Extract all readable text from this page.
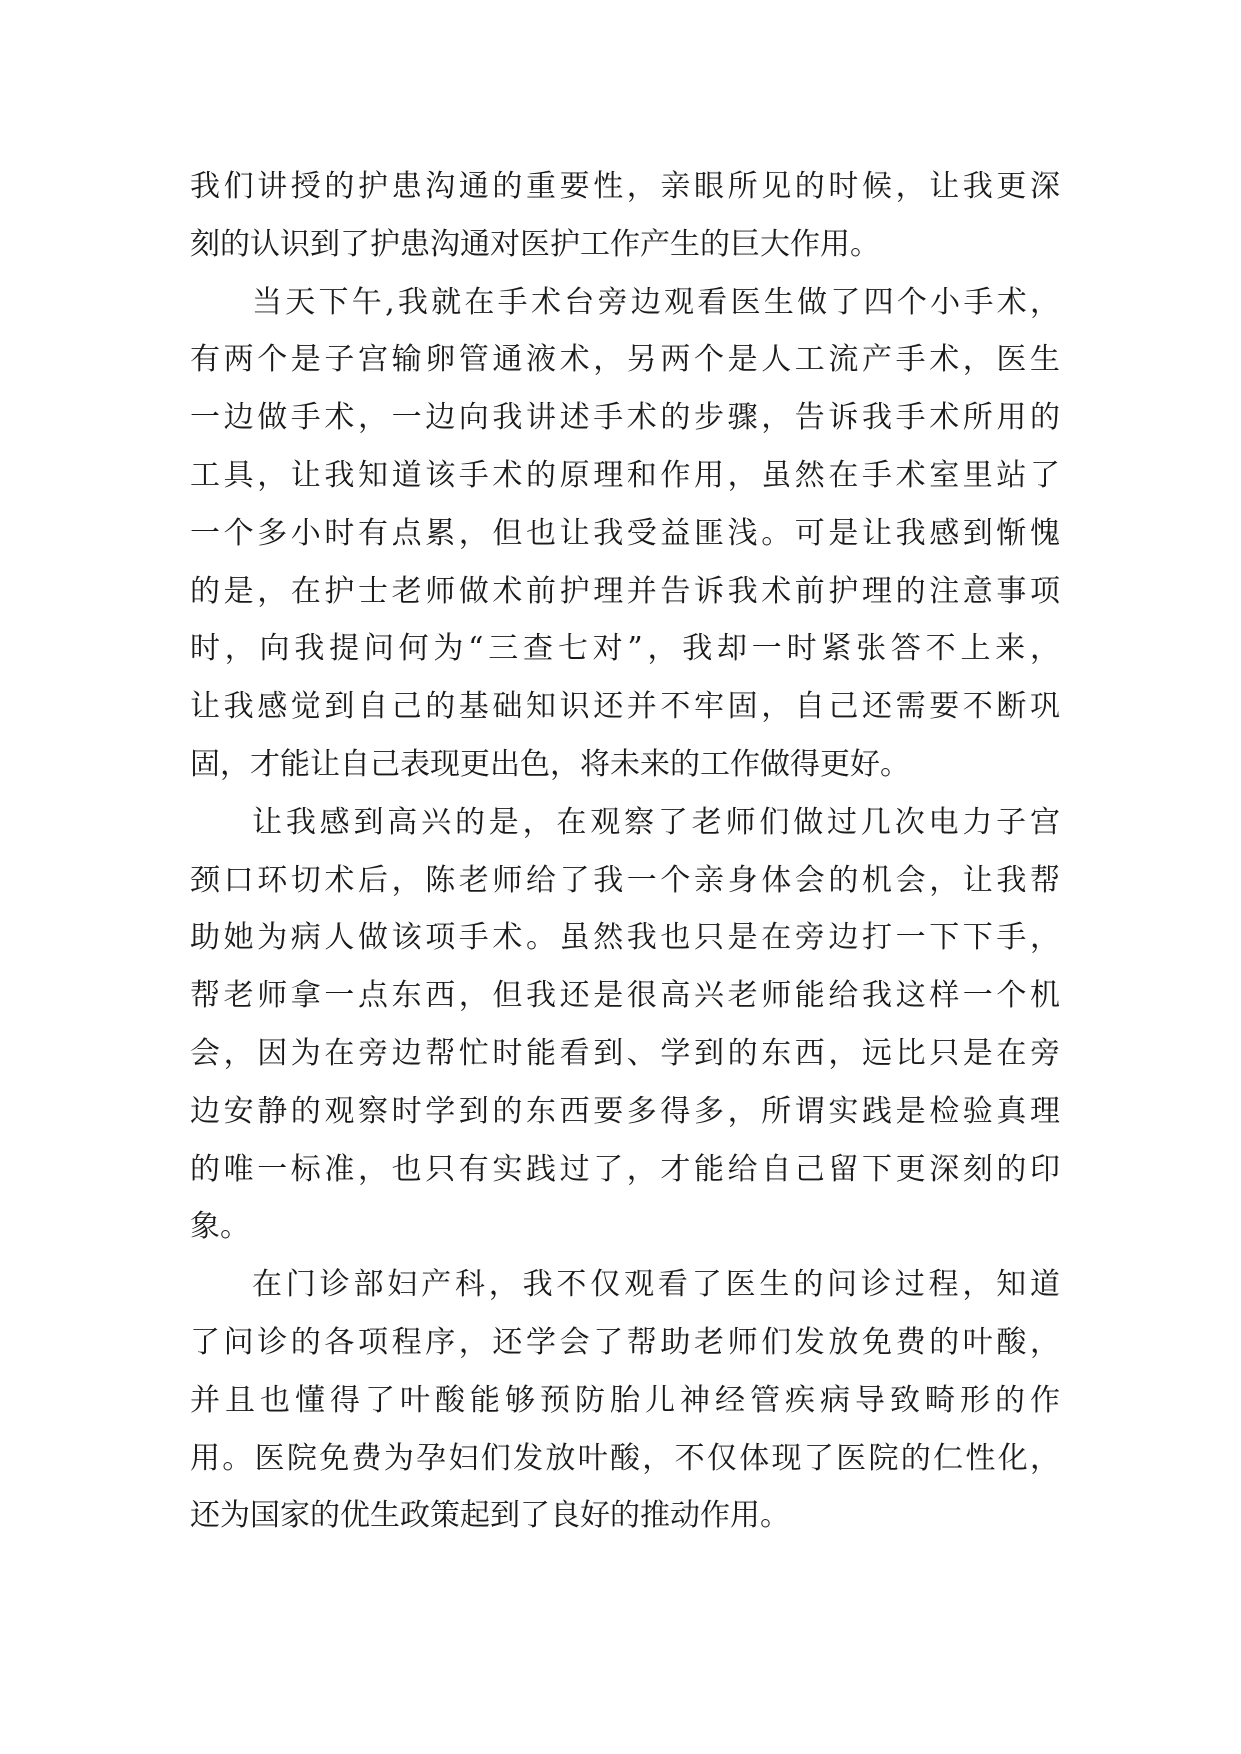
我们讲授的护患沟通的重要性，亲眼所见的时候，让我更深
刻的认识到了护患沟通对医护工作产生的巨大作用。
当天下午,我就在手术台旁边观看医生做了四个小手术，
有两个是子宫输卵管通液术，另两个是人工流产手术，医生
一边做手术，一边向我讲述手术的步骤，告诉我手术所用的
工具，让我知道该手术的原理和作用，虽然在手术室里站了
一个多小时有点累，但也让我受益匪浅。可是让我感到惭愧
的是，在护士老师做术前护理并告诉我术前护理的注意事项
时，向我提问何为“三查七对”，我却一时紧张答不上来，
让我感觉到自己的基础知识还并不牢固，自己还需要不断巩
固，才能让自己表现更出色，将未来的工作做得更好。
让我感到高兴的是，在观察了老师们做过几次电力子宫
颈口环切术后，陈老师给了我一个亲身体会的机会，让我帮
助她为病人做该项手术。虽然我也只是在旁边打一下下手，
帮老师拿一点东西，但我还是很高兴老师能给我这样一个机
会，因为在旁边帮忙时能看到、学到的东西，远比只是在旁
边安静的观察时学到的东西要多得多，所谓实践是检验真理
的唯一标准，也只有实践过了，才能给自己留下更深刻的印
象。
在门诊部妇产科，我不仅观看了医生的问诊过程，知道
了问诊的各项程序，还学会了帮助老师们发放免费的叶酸，
并且也懂得了叶酸能够预防胎儿神经管疾病导致畸形的作
用。医院免费为孕妇们发放叶酸，不仅体现了医院的仁性化，
还为国家的优生政策起到了良好的推动作用。
